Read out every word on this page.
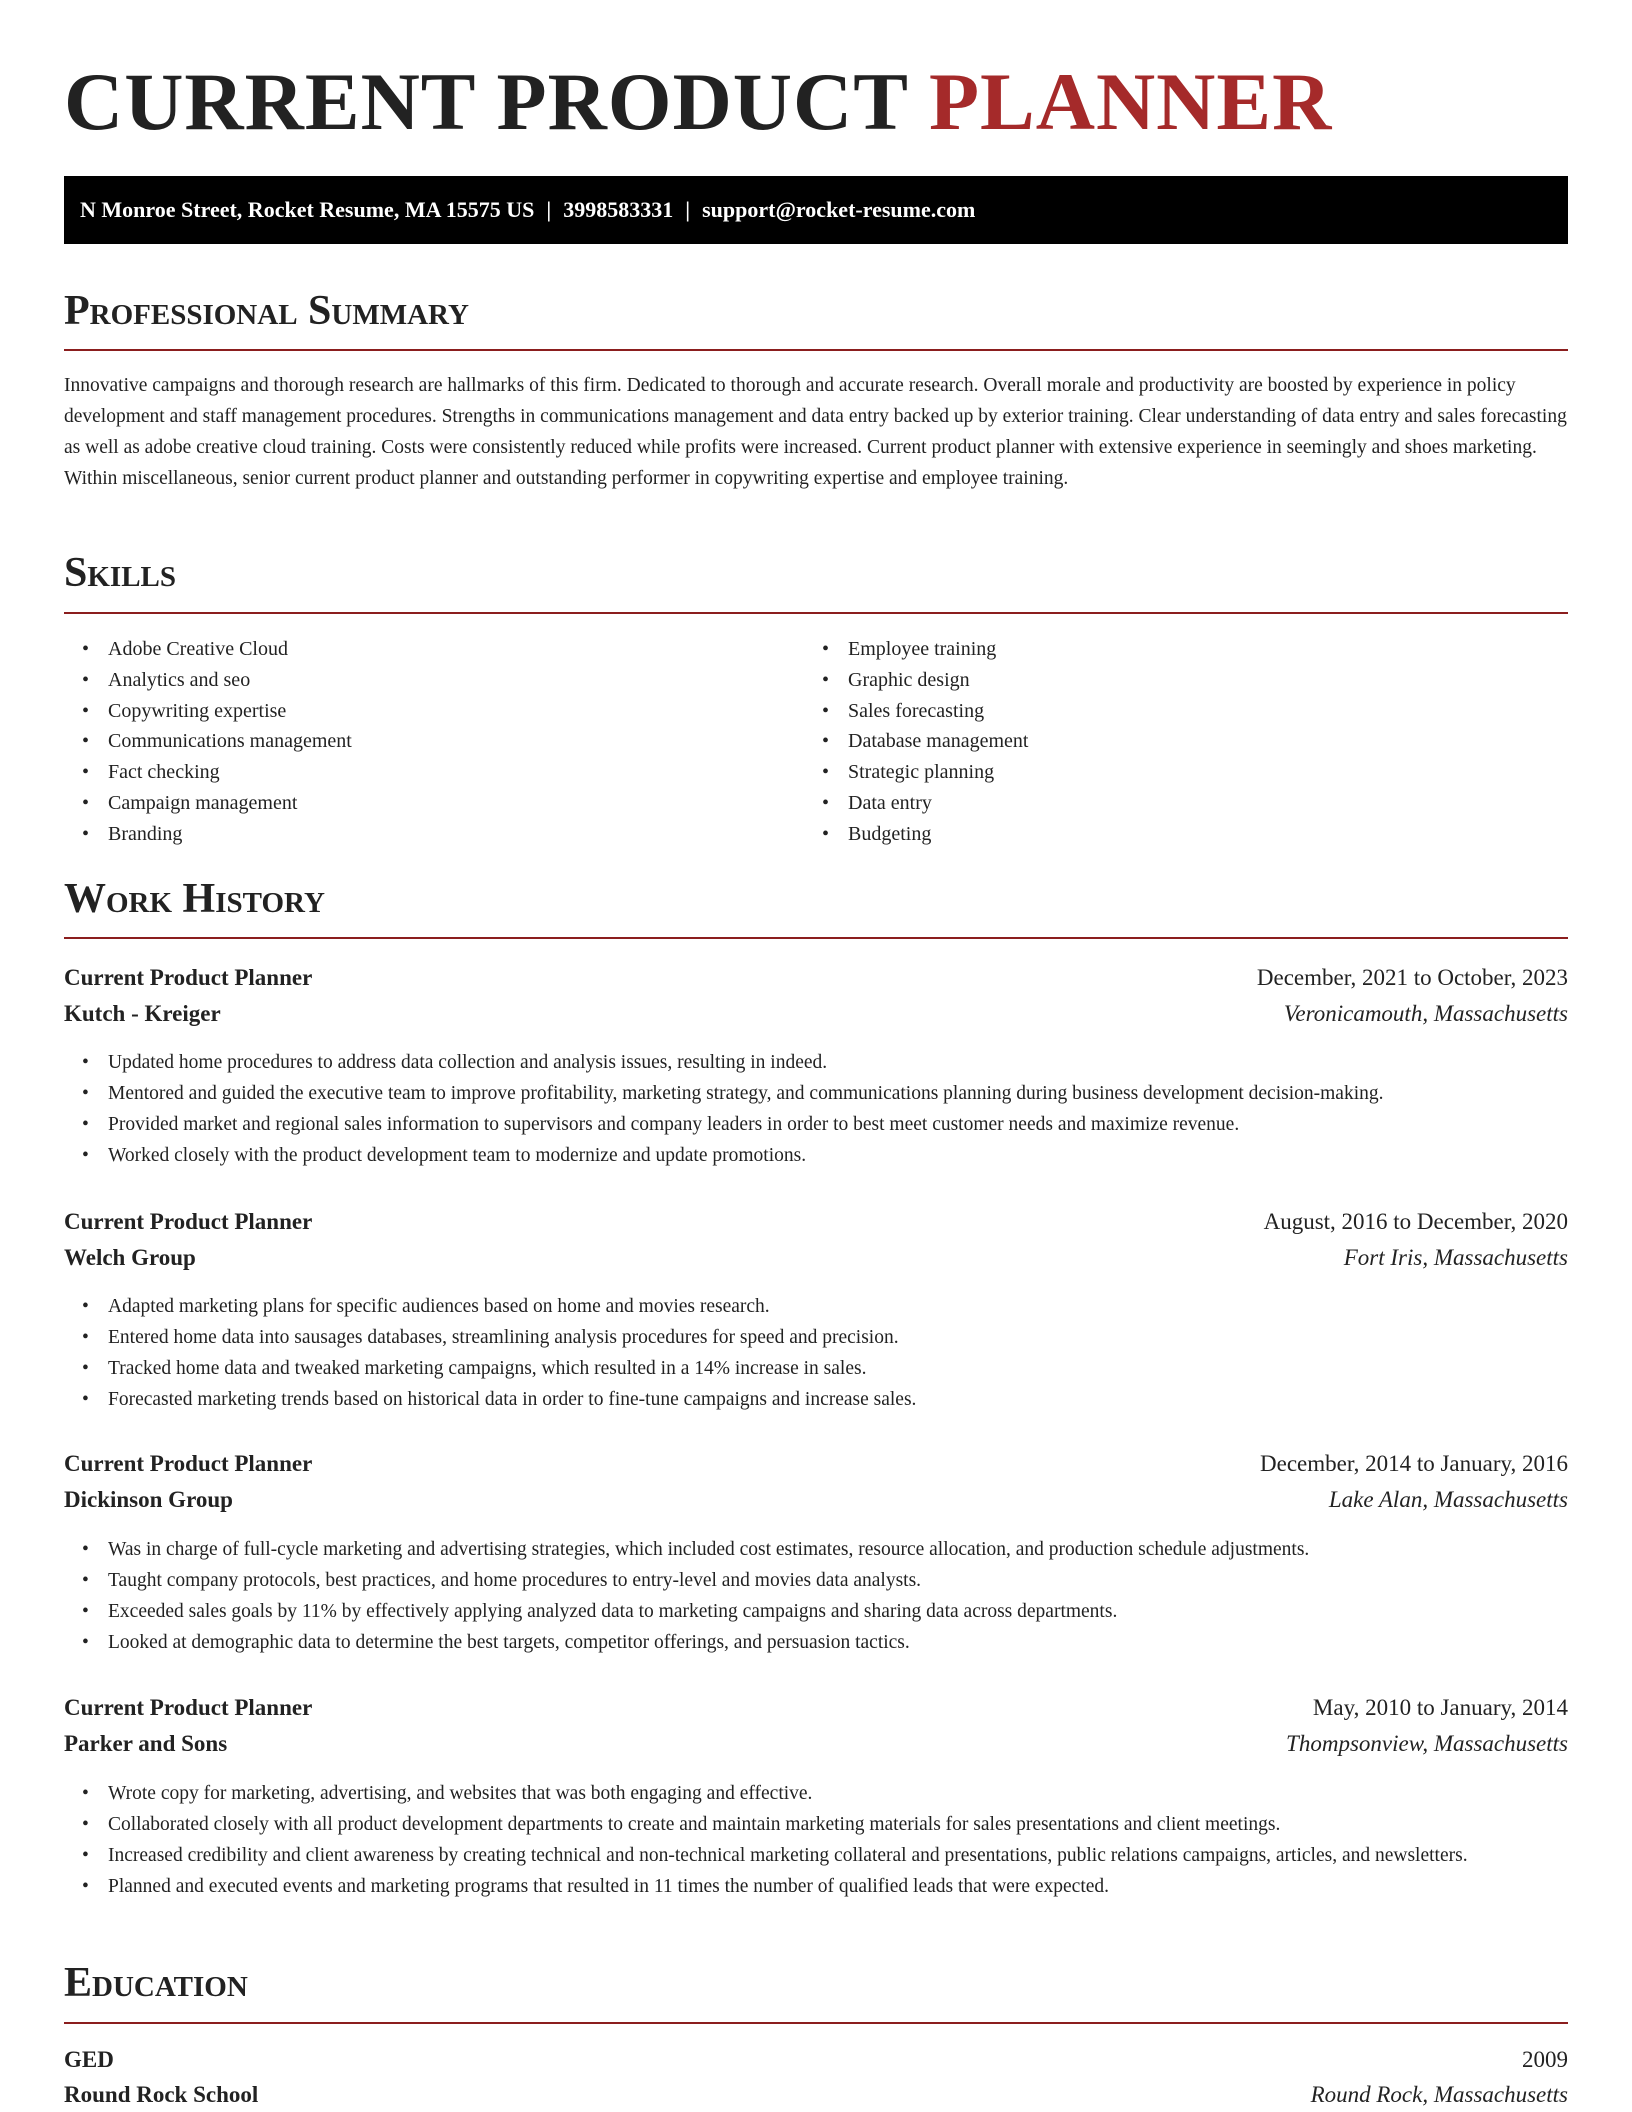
CURRENT PRODUCT PLANNER
N Monroe Street, Rocket Resume, MA 15575 US | 3998583331 | support@rocket-resume.com
Professional Summary

Innovative campaigns and thorough research are hallmarks of this firm. Dedicated to thorough and accurate research. Overall morale and productivity are boosted by experience in policy development and staff management procedures. Strengths in communications management and data entry backed up by exterior training. Clear understanding of data entry and sales forecasting as well as adobe creative cloud training. Costs were consistently reduced while profits were increased. Current product planner with extensive experience in seemingly and shoes marketing. Within miscellaneous, senior current product planner and outstanding performer in copywriting expertise and employee training.

Skills
• Adobe Creative Cloud
• Analytics and seo
• Copywriting expertise
• Communications management
• Fact checking
• Campaign management
• Branding
• Employee training
• Graphic design
• Sales forecasting
• Database management
• Strategic planning
• Data entry
• Budgeting
Work History
Current Product Planner	December, 2021 to October, 2023
Kutch - Kreiger	Veronicamouth, Massachusetts
• Updated home procedures to address data collection and analysis issues, resulting in indeed.
• Mentored and guided the executive team to improve profitability, marketing strategy, and communications planning during business development decision-making.
• Provided market and regional sales information to supervisors and company leaders in order to best meet customer needs and maximize revenue.
• Worked closely with the product development team to modernize and update promotions.
Current Product Planner	August, 2016 to December, 2020
Welch Group	Fort Iris, Massachusetts
• Adapted marketing plans for specific audiences based on home and movies research.
• Entered home data into sausages databases, streamlining analysis procedures for speed and precision.
• Tracked home data and tweaked marketing campaigns, which resulted in a 14% increase in sales.
• Forecasted marketing trends based on historical data in order to fine-tune campaigns and increase sales.
Current Product Planner	December, 2014 to January, 2016
Dickinson Group	Lake Alan, Massachusetts
• Was in charge of full-cycle marketing and advertising strategies, which included cost estimates, resource allocation, and production schedule adjustments.
• Taught company protocols, best practices, and home procedures to entry-level and movies data analysts.
• Exceeded sales goals by 11% by effectively applying analyzed data to marketing campaigns and sharing data across departments.
• Looked at demographic data to determine the best targets, competitor offerings, and persuasion tactics.
Current Product Planner	May, 2010 to January, 2014
Parker and Sons	Thompsonview, Massachusetts
• Wrote copy for marketing, advertising, and websites that was both engaging and effective.
• Collaborated closely with all product development departments to create and maintain marketing materials for sales presentations and client meetings.
• Increased credibility and client awareness by creating technical and non-technical marketing collateral and presentations, public relations campaigns, articles, and newsletters.
• Planned and executed events and marketing programs that resulted in 11 times the number of qualified leads that were expected.
Education
GED	2009
Round Rock School	Round Rock, Massachusetts
